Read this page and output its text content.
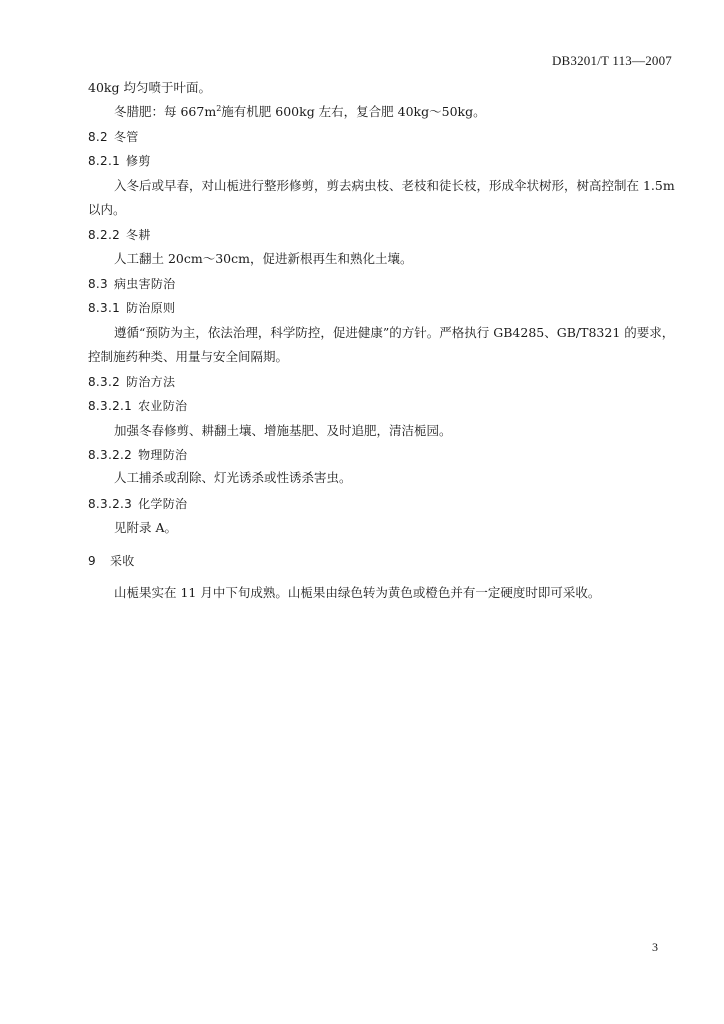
DB3201/T 113—2007
40kg 均匀喷于叶面。
冬腊肥：每 $667m^2$施有机肥 600kg 左右，复合肥 40kg～50kg。
8.2 冬管
8.2.1 修剪
入冬后或早春，对山栀进行整形修剪，剪去病虫枝、老枝和徒长枝，形成伞状树形，树高控制在 1.5m
以内。
8.2.2 冬耕
人工翻土 20cm～30cm，促进新根再生和熟化土壤。
8.3 病虫害防治
8.3.1 防治原则
遵循“预防为主，依法治理，科学防控，促进健康”的方针。严格执行 GB4285、GB/T8321 的要求，
控制施药种类、用量与安全间隔期。
8.3.2 防治方法
8.3.2.1 农业防治
加强冬春修剪、耕翻土壤、增施基肥、及时追肥，清洁栀园。
8.3.2.2 物理防治
人工捕杀或刮除、灯光诱杀或性诱杀害虫。
8.3.2.3 化学防治
见附录 A。
9 采收
山栀果实在 11 月中下旬成熟。山栀果由绿色转为黄色或橙色并有一定硬度时即可采收。
3
